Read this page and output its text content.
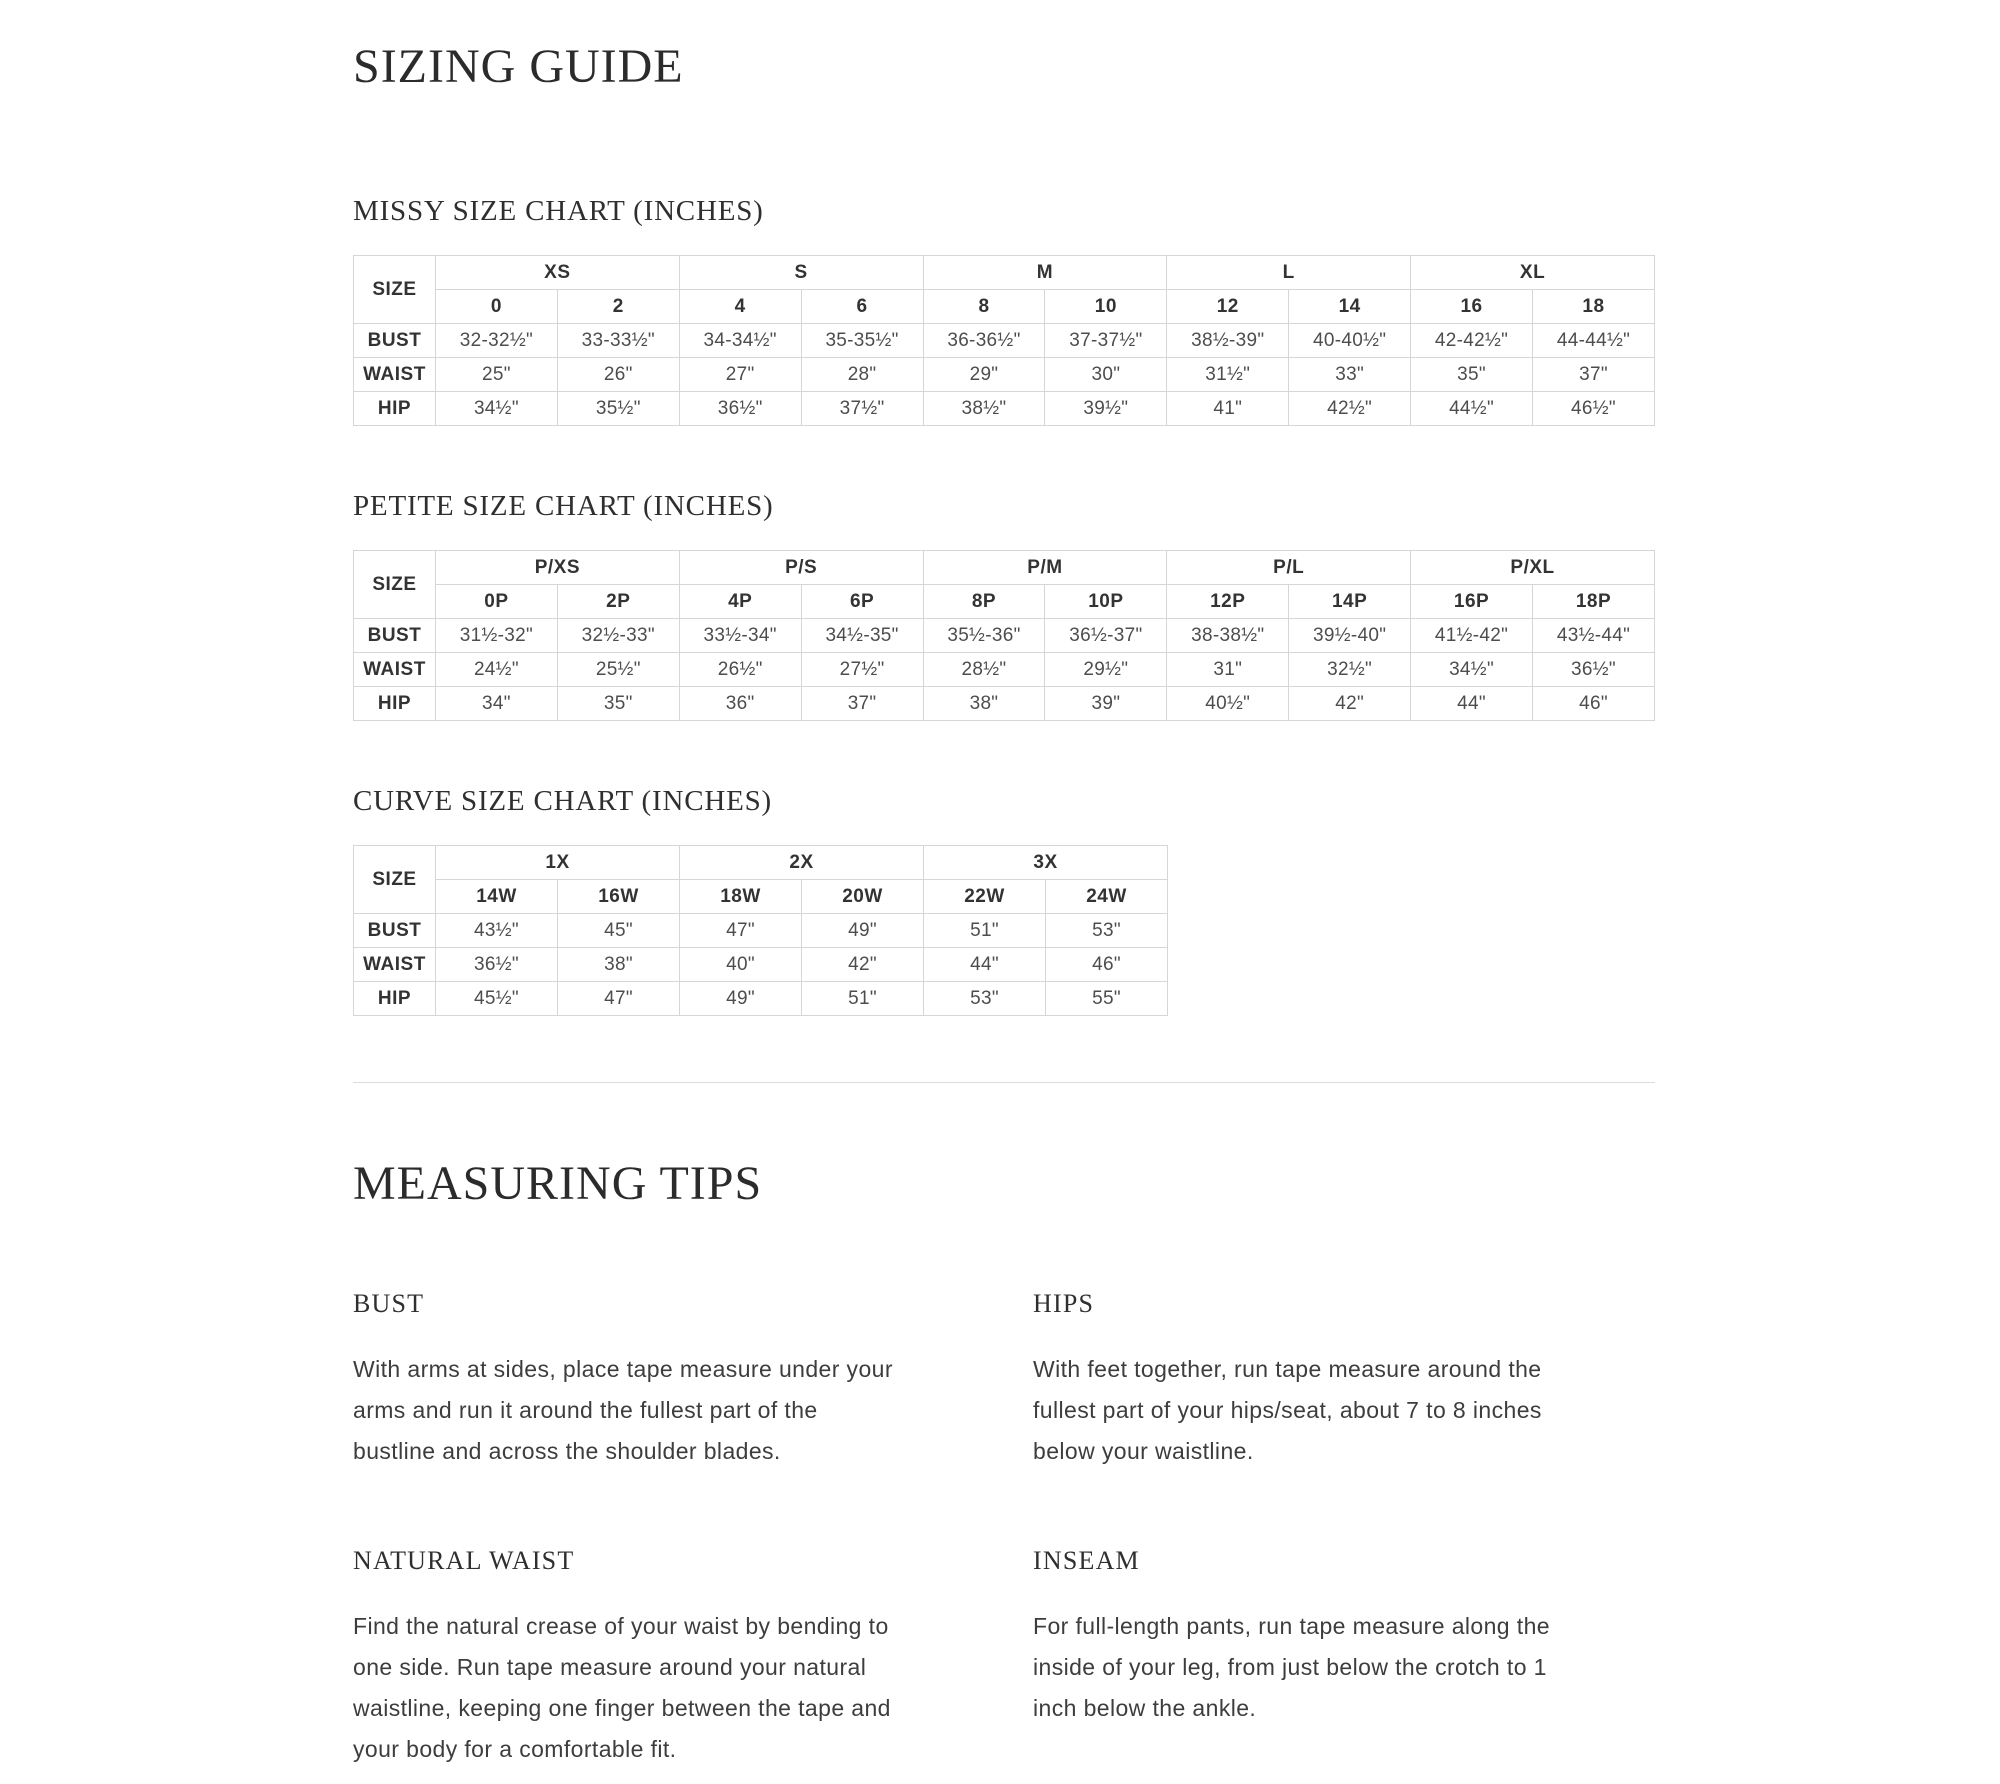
SIZING GUIDE
MISSY SIZE CHART (INCHES)
SIZE	XS		S		M		L		XL	
	0	2	4	6	8	10	12	14	16	18
BUST	32-32½"	33-33½"	34-34½"	35-35½"	36-36½"	37-37½"	38½-39"	40-40½"	42-42½"	44-44½"
WAIST	25"	26"	27"	28"	29"	30"	31½"	33"	35"	37"
HIP	34½"	35½"	36½"	37½"	38½"	39½"	41"	42½"	44½"	46½"
PETITE SIZE CHART (INCHES)
SIZE	P/XS		P/S		P/M		P/L		P/XL	
	0P	2P	4P	6P	8P	10P	12P	14P	16P	18P
BUST	31½-32"	32½-33"	33½-34"	34½-35"	35½-36"	36½-37"	38-38½"	39½-40"	41½-42"	43½-44"
WAIST	24½"	25½"	26½"	27½"	28½"	29½"	31"	32½"	34½"	36½"
HIP	34"	35"	36"	37"	38"	39"	40½"	42"	44"	46"
CURVE SIZE CHART (INCHES)
SIZE	1X		2X		3X	
	14W	16W	18W	20W	22W	24W
BUST	43½"	45"	47"	49"	51"	53"
WAIST	36½"	38"	40"	42"	44"	46"
HIP	45½"	47"	49"	51"	53"	55"
MEASURING TIPS
BUST

With arms at sides, place tape measure under your arms and run it around the fullest part of the bustline and across the shoulder blades.

HIPS

With feet together, run tape measure around the fullest part of your hips/seat, about 7 to 8 inches below your waistline.

NATURAL WAIST

Find the natural crease of your waist by bending to one side. Run tape measure around your natural waistline, keeping one finger between the tape and your body for a comfortable fit.

INSEAM

For full-length pants, run tape measure along the inside of your leg, from just below the crotch to 1 inch below the ankle.
